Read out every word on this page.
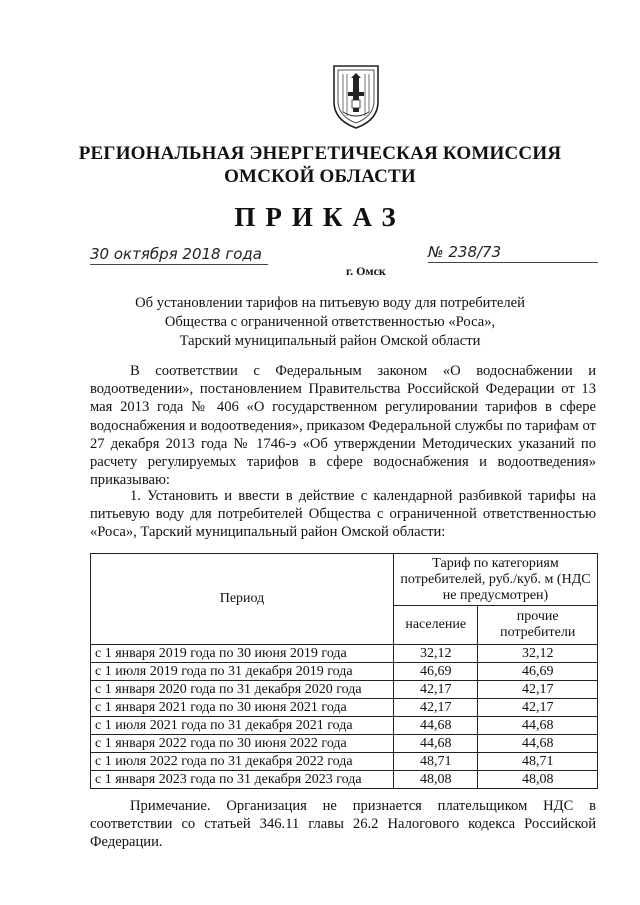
РЕГИОНАЛЬНАЯ ЭНЕРГЕТИЧЕСКАЯ КОМИССИЯ
ОМСКОЙ ОБЛАСТИ
ПРИКАЗ
30 октября 2018 года	№ 238/73
г. Омск
Об установлении тарифов на питьевую воду для потребителей
Общества с ограниченной ответственностью «Роса»,
Тарский муниципальный район Омской области
В соответствии с Федеральным законом «О водоснабжении и водоотведении», постановлением Правительства Российской Федерации от 13 мая 2013 года № 406 «О государственном регулировании тарифов в сфере водоснабжения и водоотведения», приказом Федеральной службы по тарифам от 27 декабря 2013 года № 1746-э «Об утверждении Методических указаний по расчету регулируемых тарифов в сфере водоснабжения и водоотведения» приказываю:
1. Установить и ввести в действие с календарной разбивкой тарифы на питьевую воду для потребителей Общества с ограниченной ответственностью «Роса», Тарский муниципальный район Омской области:
Период	Тариф по категориям потребителей, руб./куб. м (НДС не предусмотрен)	
	население	прочие потребители
с 1 января 2019 года по 30 июня 2019 года	32,12	32,12
с 1 июля 2019 года по 31 декабря 2019 года	46,69	46,69
с 1 января 2020 года по 31 декабря 2020 года	42,17	42,17
с 1 января 2021 года по 30 июня 2021 года	42,17	42,17
с 1 июля 2021 года по 31 декабря 2021 года	44,68	44,68
с 1 января 2022 года по 30 июня 2022 года	44,68	44,68
с 1 июля 2022 года по 31 декабря 2022 года	48,71	48,71
с 1 января 2023 года по 31 декабря 2023 года	48,08	48,08
Примечание. Организация не признается плательщиком НДС в соответствии со статьей 346.11 главы 26.2 Налогового кодекса Российской Федерации.
